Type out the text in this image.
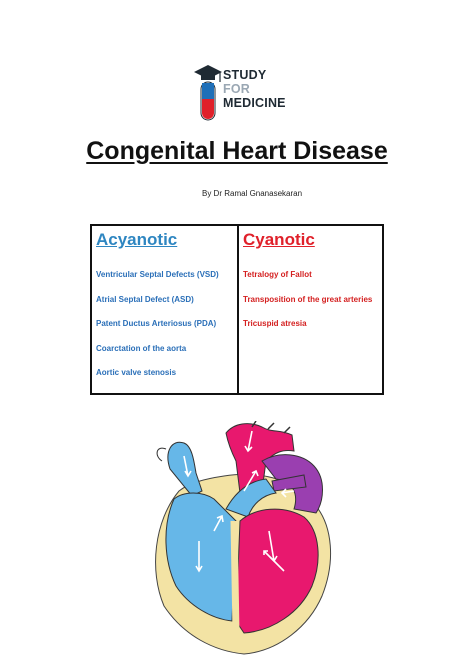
STUDY
FOR
MEDICINE
Congenital Heart Disease
By Dr Ramal Gnanasekaran
Acyanotic
Ventricular Septal Defects (VSD)
Atrial Septal Defect (ASD)
Patent Ductus Arteriosus (PDA)
Coarctation of the aorta
Aortic valve stenosis

Cyanotic
Tetralogy of Fallot
Transposition of the great arteries
Tricuspid atresia
